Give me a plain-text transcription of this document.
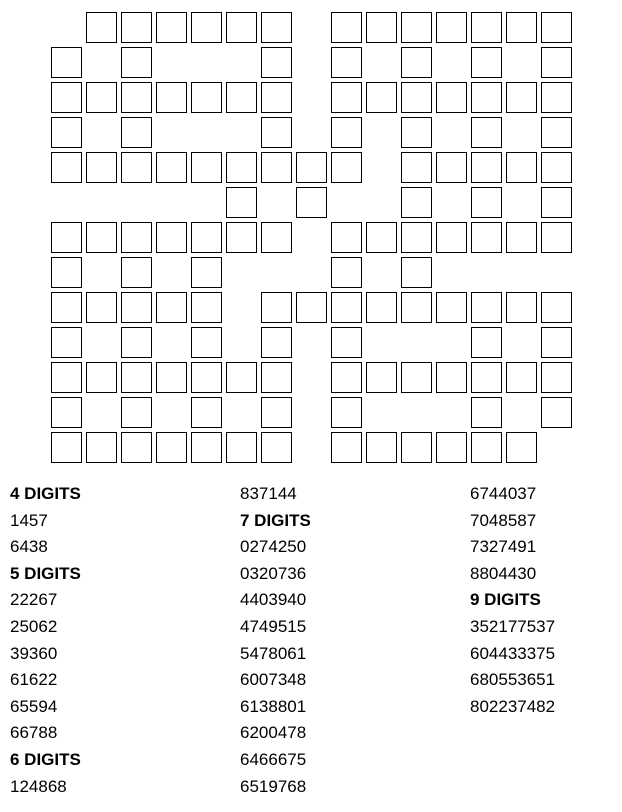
4 DIGITS
1457
6438
5 DIGITS
22267
25062
39360
61622
65594
66788
6 DIGITS
124868
837144
7 DIGITS
0274250
0320736
4403940
4749515
5478061
6007348
6138801
6200478
6466675
6519768
6744037
7048587
7327491
8804430
9 DIGITS
352177537
604433375
680553651
802237482
